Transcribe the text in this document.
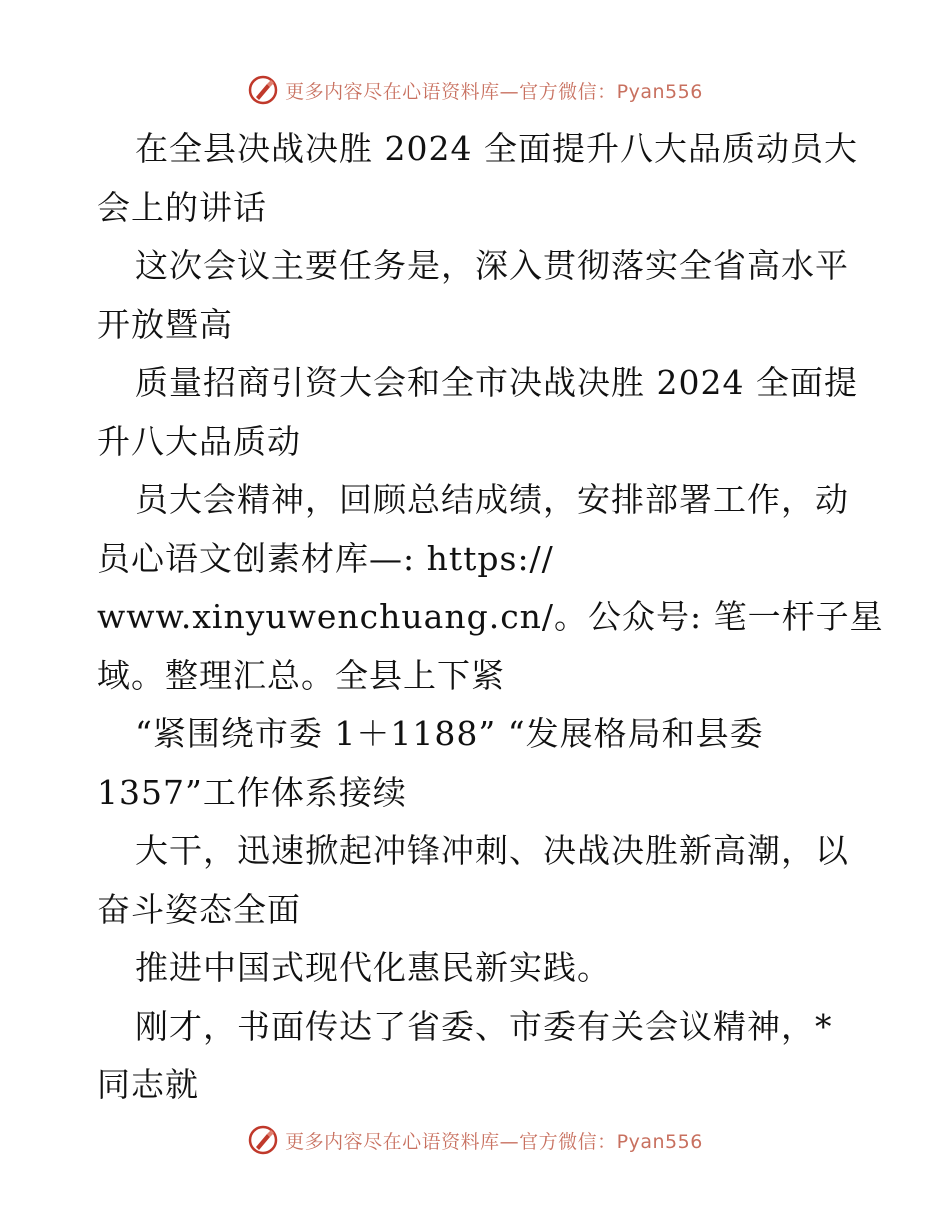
更多内容尽在心语资料库—官方微信：Pyan556
在全县决战决胜 2024 全面提升八大品质动员大
会上的讲话
这次会议主要任务是，深入贯彻落实全省高水平
开放暨高
质量招商引资大会和全市决战决胜 2024 全面提
升八大品质动
员大会精神，回顾总结成绩，安排部署工作，动
员心语文创素材库—: https://
www.xinyuwenchuang.cn/。公众号: 笔一杆子星
域。整理汇总。全县上下紧
“紧围绕市委 1＋1188” “发展格局和县委
1357”工作体系接续
大干，迅速掀起冲锋冲刺、决战决胜新高潮，以
奋斗姿态全面
推进中国式现代化惠民新实践。
刚才，书面传达了省委、市委有关会议精神，*
同志就
更多内容尽在心语资料库—官方微信：Pyan556
